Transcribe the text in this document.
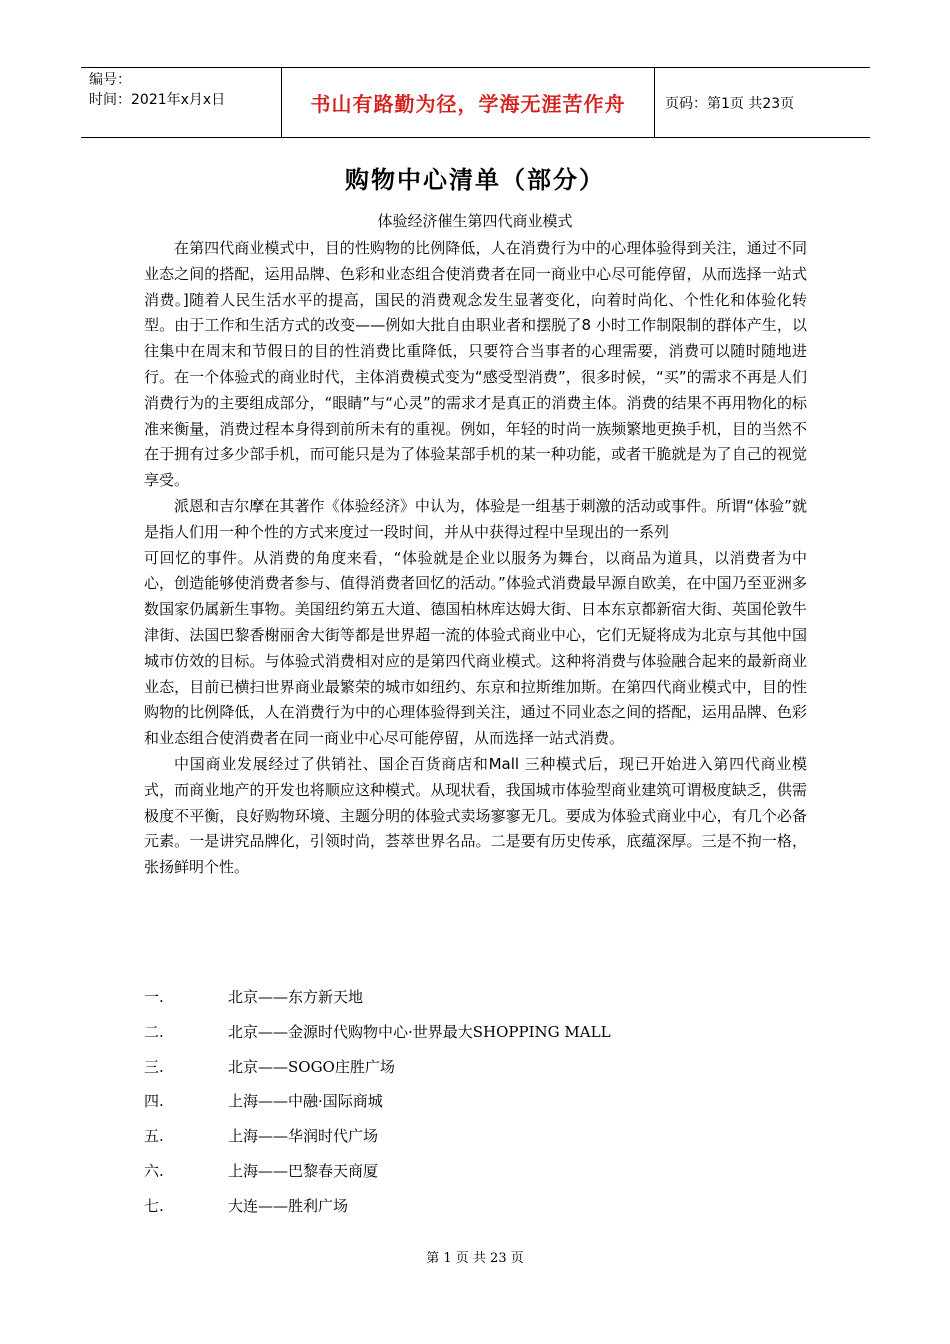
编号：
时间：2021年x月x日	书山有路勤为径，学海无涯苦作舟	页码：第1页 共23页
购物中心清单（部分）
体验经济催生第四代商业模式

在第四代商业模式中，目的性购物的比例降低，人在消费行为中的心理体验得到关注，通过不同业态之间的搭配，运用品牌、色彩和业态组合使消费者在同一商业中心尽可能停留，从而选择一站式消费。]随着人民生活水平的提高，国民的消费观念发生显著变化，向着时尚化、个性化和体验化转型。由于工作和生活方式的改变——例如大批自由职业者和摆脱了8 小时工作制限制的群体产生，以往集中在周末和节假日的目的性消费比重降低，只要符合当事者的心理需要，消费可以随时随地进行。在一个体验式的商业时代，主体消费模式变为“感受型消费”，很多时候，“买”的需求不再是人们消费行为的主要组成部分，“眼睛”与“心灵”的需求才是真正的消费主体。消费的结果不再用物化的标准来衡量，消费过程本身得到前所未有的重视。例如，年轻的时尚一族频繁地更换手机，目的当然不在于拥有过多少部手机，而可能只是为了体验某部手机的某一种功能，或者干脆就是为了自己的视觉享受。

派恩和吉尔摩在其著作《体验经济》中认为，体验是一组基于刺激的活动或事件。所谓“体验”就是指人们用一种个性的方式来度过一段时间，并从中获得过程中呈现出的一系列

可回忆的事件。从消费的角度来看，“体验就是企业以服务为舞台，以商品为道具，以消费者为中心，创造能够使消费者参与、值得消费者回忆的活动。”体验式消费最早源自欧美，在中国乃至亚洲多数国家仍属新生事物。美国纽约第五大道、德国柏林库达姆大街、日本东京都新宿大街、英国伦敦牛津街、法国巴黎香榭丽舍大街等都是世界超一流的体验式商业中心，它们无疑将成为北京与其他中国城市仿效的目标。与体验式消费相对应的是第四代商业模式。这种将消费与体验融合起来的最新商业业态，目前已横扫世界商业最繁荣的城市如纽约、东京和拉斯维加斯。在第四代商业模式中，目的性购物的比例降低，人在消费行为中的心理体验得到关注，通过不同业态之间的搭配，运用品牌、色彩和业态组合使消费者在同一商业中心尽可能停留，从而选择一站式消费。

中国商业发展经过了供销社、国企百货商店和Mall 三种模式后，现已开始进入第四代商业模式，而商业地产的开发也将顺应这种模式。从现状看，我国城市体验型商业建筑可谓极度缺乏，供需极度不平衡，良好购物环境、主题分明的体验式卖场寥寥无几。要成为体验式商业中心，有几个必备元素。一是讲究品牌化，引领时尚，荟萃世界名品。二是要有历史传承，底蕴深厚。三是不拘一格，张扬鲜明个性。

一.	北京——东方新天地
二.	北京——金源时代购物中心·世界最大SHOPPING MALL
三.	北京——SOGO庄胜广场
四.	上海——中融·国际商城
五.	上海——华润时代广场
六.	上海——巴黎春天商厦
七.	大连——胜利广场
第 1 页 共 23 页
